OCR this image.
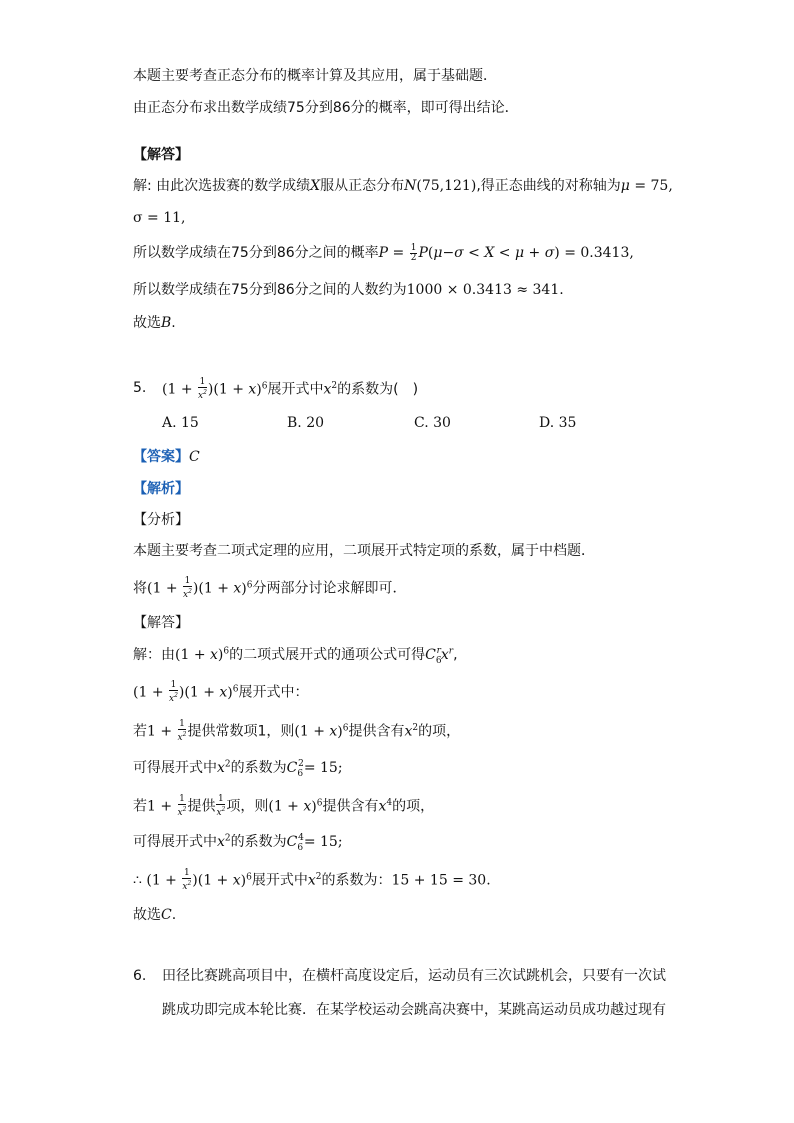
本题主要考查正态分布的概率计算及其应用，属于基础题．
由正态分布求出数学成绩75分到86分的概率，即可得出结论．
【解答】
解: 由此次选拔赛的数学成绩X服从正态分布N(75,121),得正态曲线的对称轴为μ = 75,
σ = 11,
所以数学成绩在75分到86分之间的概率$P = \frac{1}{2} P(\mu-\sigma < X < \mu + \sigma) = 0.3413$,
所以数学成绩在75分到86分之间的人数约为1000 × 0.3413 ≈ 341.
故选B.
5. $(1 + \frac{1}{x^2} )(1 + x)^6$展开式中$x^2$的系数为(　)
A. 15	B. 20	C. 30	D. 35
【答案】C
【解析】
【分析】
本题主要考查二项式定理的应用，二项展开式特定项的系数，属于中档题．
将$(1 + \frac{1}{x^2} )(1 + x)^6$分两部分讨论求解即可．
【解答】
解：由$(1 + x)^6$的二项式展开式的通项公式可得$C_6^rx^r$,
$(1 + \frac{1}{x^2} )(1 + x)^6$展开式中：
若$1 + \frac{1}{x^2}$ 提供常数项1，则$(1 + x)^6$提供含有$x^2$的项，
可得展开式中$x^2$的系数为$C_6^2= 15$;
若$1 + \frac{1}{x^2}$ 提供 $\frac{1}{x^2}$ 项，则$(1 + x)^6$提供含有$x^4$的项，
可得展开式中$x^2$的系数为$C_6^4= 15$;
∴ $(1 + \frac{1}{x^2} )(1 + x)^6$展开式中$x^2$的系数为：15 + 15 = 30.
故选C.
6. 田径比赛跳高项目中，在横杆高度设定后，运动员有三次试跳机会，只要有一次试
跳成功即完成本轮比赛．在某学校运动会跳高决赛中，某跳高运动员成功越过现有
